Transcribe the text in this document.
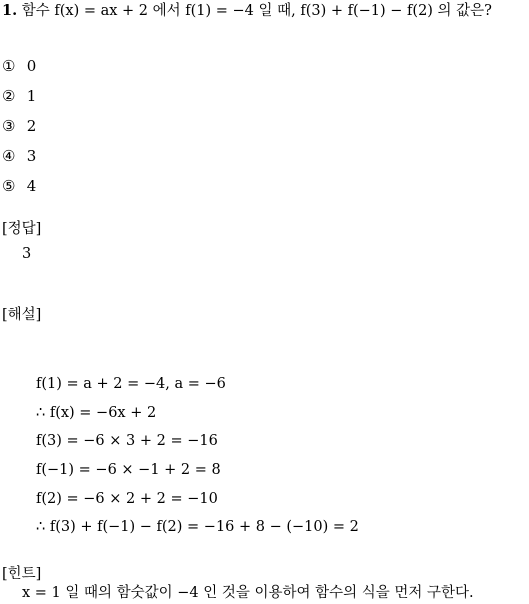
1. 함수 f(x) = ax + 2 에서 f(1) = −4 일 때, f(3) + f(−1) − f(2) 의 값은?
① 0
② 1
③ 2
④ 3
⑤ 4
[정답]
3
[해설]
f(1) = a + 2 = −4, a = −6
∴ f(x) = −6x + 2
f(3) = −6 × 3 + 2 = −16
f(−1) = −6 × −1 + 2 = 8
f(2) = −6 × 2 + 2 = −10
∴ f(3) + f(−1) − f(2) = −16 + 8 − (−10) = 2
[힌트]
x = 1 일 때의 함숫값이 −4 인 것을 이용하여 함수의 식을 먼저 구한다.
